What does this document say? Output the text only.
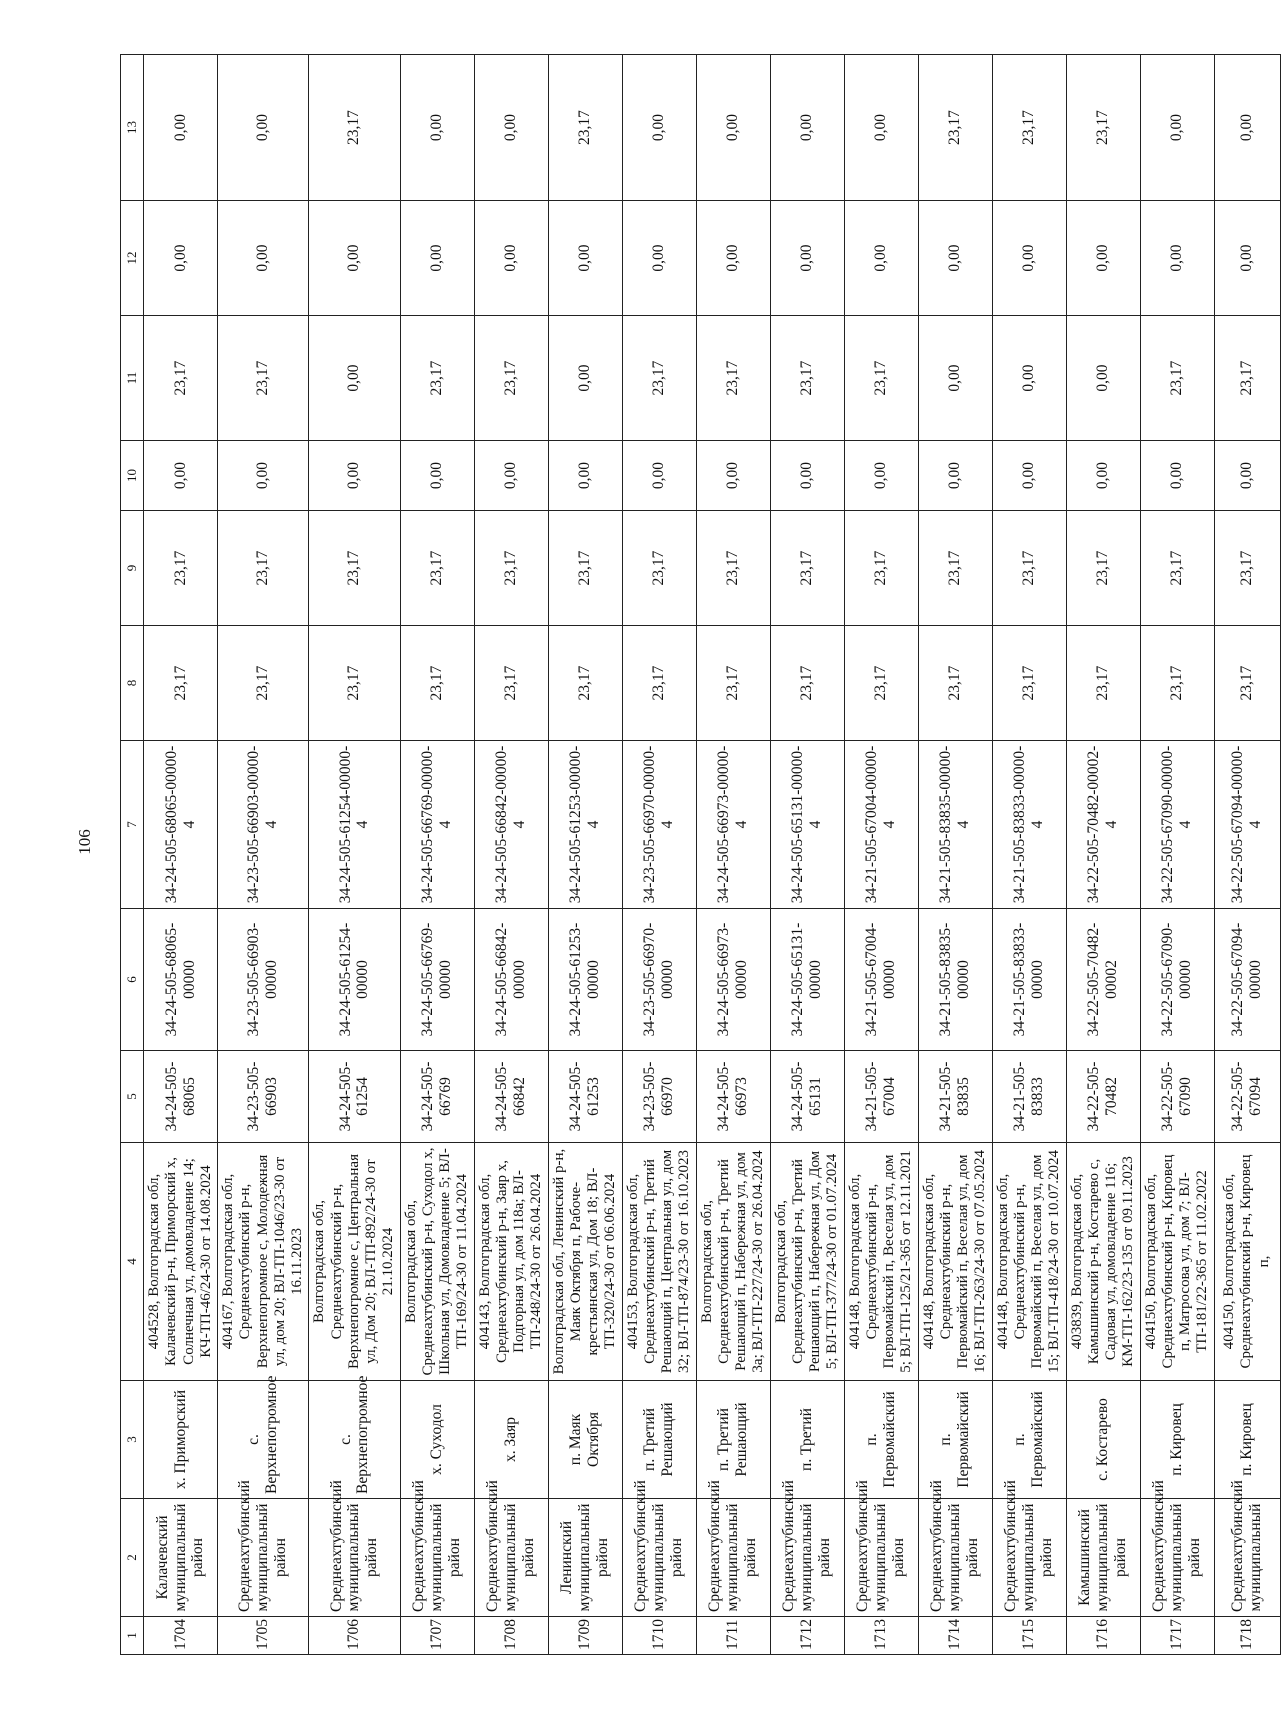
106
1	2	3	4	5	6	7	8	9	10	11	12	13
1704	Калачевский муниципальный район	х. Приморский	404528, Волгоградская обл, Калачевский р-н, Приморский х, Солнечная ул, домовладение 14; КЧ-ТП-46/24-30 от 14.08.2024	34-24-505-68065	34-24-505-68065-00000	34-24-505-68065-00000-4	23,17	23,17	0,00	23,17	0,00	0,00
1705	Среднеахтубинский муниципальный район	с. Верхнепогромное	404167, Волгоградская обл, Среднеахтубинский р-н, Верхнепогромное с, Молодежная ул, дом 20; ВЛ-ТП-1046/23-30 от 16.11.2023	34-23-505-66903	34-23-505-66903-00000	34-23-505-66903-00000-4	23,17	23,17	0,00	23,17	0,00	0,00
1706	Среднеахтубинский муниципальный район	с. Верхнепогромное	Волгоградская обл, Среднеахтубинский р-н, Верхнепогромное с, Центральная ул, Дом 20; ВЛ-ТП-892/24-30 от 21.10.2024	34-24-505-61254	34-24-505-61254-00000	34-24-505-61254-00000-4	23,17	23,17	0,00	0,00	0,00	23,17
1707	Среднеахтубинский муниципальный район	х. Суходол	Волгоградская обл, Среднеахтубинский р-н, Суходол х, Школьная ул, Домовладение 5; ВЛ-ТП-169/24-30 от 11.04.2024	34-24-505-66769	34-24-505-66769-00000	34-24-505-66769-00000-4	23,17	23,17	0,00	23,17	0,00	0,00
1708	Среднеахтубинский муниципальный район	х. Заяр	404143, Волгоградская обл, Среднеахтубинский р-н, Заяр х, Подгорная ул, дом 118а; ВЛ-ТП-248/24-30 от 26.04.2024	34-24-505-66842	34-24-505-66842-00000	34-24-505-66842-00000-4	23,17	23,17	0,00	23,17	0,00	0,00
1709	Ленинский муниципальный район	п. Маяк Октября	Волгоградская обл, Ленинский р-н, Маяк Октября п, Рабоче-крестьянская ул, Дом 18; ВЛ-ТП-320/24-30 от 06.06.2024	34-24-505-61253	34-24-505-61253-00000	34-24-505-61253-00000-4	23,17	23,17	0,00	0,00	0,00	23,17
1710	Среднеахтубинский муниципальный район	п. Третий Решающий	404153, Волгоградская обл, Среднеахтубинский р-н, Третий Решающий п, Центральная ул, дом 32; ВЛ-ТП-874/23-30 от 16.10.2023	34-23-505-66970	34-23-505-66970-00000	34-23-505-66970-00000-4	23,17	23,17	0,00	23,17	0,00	0,00
1711	Среднеахтубинский муниципальный район	п. Третий Решающий	Волгоградская обл, Среднеахтубинский р-н, Третий Решающий п, Набережная ул, дом 3а; ВЛ-ТП-227/24-30 от 26.04.2024	34-24-505-66973	34-24-505-66973-00000	34-24-505-66973-00000-4	23,17	23,17	0,00	23,17	0,00	0,00
1712	Среднеахтубинский муниципальный район	п. Третий	Волгоградская обл, Среднеахтубинский р-н, Третий Решающий п, Набережная ул, Дом 5; ВЛ-ТП-377/24-30 от 01.07.2024	34-24-505-65131	34-24-505-65131-00000	34-24-505-65131-00000-4	23,17	23,17	0,00	23,17	0,00	0,00
1713	Среднеахтубинский муниципальный район	п. Первомайский	404148, Волгоградская обл, Среднеахтубинский р-н, Первомайский п, Веселая ул, дом 5; ВЛ-ТП-125/21-365 от 12.11.2021	34-21-505-67004	34-21-505-67004-00000	34-21-505-67004-00000-4	23,17	23,17	0,00	23,17	0,00	0,00
1714	Среднеахтубинский муниципальный район	п. Первомайский	404148, Волгоградская обл, Среднеахтубинский р-н, Первомайский п, Веселая ул, дом 16; ВЛ-ТП-263/24-30 от 07.05.2024	34-21-505-83835	34-21-505-83835-00000	34-21-505-83835-00000-4	23,17	23,17	0,00	0,00	0,00	23,17
1715	Среднеахтубинский муниципальный район	п. Первомайский	404148, Волгоградская обл, Среднеахтубинский р-н, Первомайский п, Веселая ул, дом 15; ВЛ-ТП-418/24-30 от 10.07.2024	34-21-505-83833	34-21-505-83833-00000	34-21-505-83833-00000-4	23,17	23,17	0,00	0,00	0,00	23,17
1716	Камышинский муниципальный район	с. Костарево	403839, Волгоградская обл, Камышинский р-н, Костарево с, Садовая ул, домовладение 116; КМ-ТП-162/23-135 от 09.11.2023	34-22-505-70482	34-22-505-70482-00002	34-22-505-70482-00002-4	23,17	23,17	0,00	0,00	0,00	23,17
1717	Среднеахтубинский муниципальный район	п. Кировец	404150, Волгоградская обл, Среднеахтубинский р-н, Кировец п, Матросова ул, дом 7; ВЛ-ТП-181/22-365 от 11.02.2022	34-22-505-67090	34-22-505-67090-00000	34-22-505-67090-00000-4	23,17	23,17	0,00	23,17	0,00	0,00
1718	Среднеахтубинский муниципальный	п. Кировец	404150, Волгоградская обл, Среднеахтубинский р-н, Кировец п,	34-22-505-67094	34-22-505-67094-00000	34-22-505-67094-00000-4	23,17	23,17	0,00	23,17	0,00	0,00
